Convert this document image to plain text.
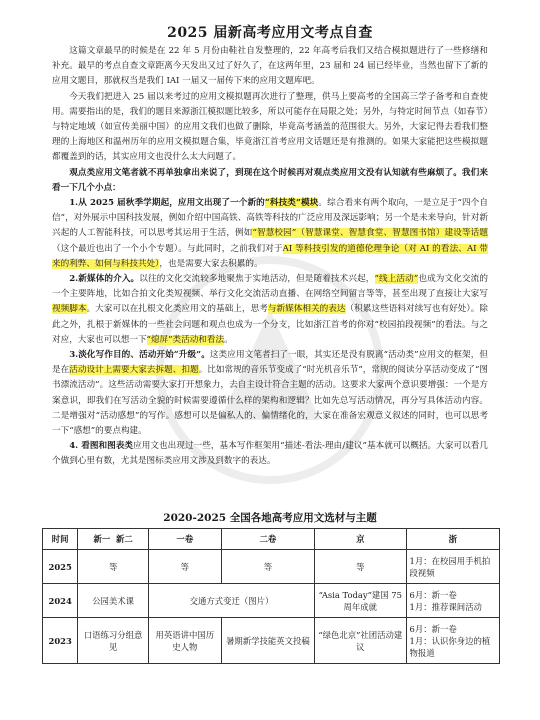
2025 届新高考应用文考点自查

这篇文章最早的时候是在 22 年 5 月份由鞋社自发整理的，22 年高考后我们又结合模拟题进行了一些修缮和补充。最早的考点自查文章距离今天发出又过了好久了，在这两年里，23 届和 24 届已经毕业，当然也留下了新的应用文题目，那就权当是我们 IAI 一届又一届传下来的应用文题库吧。

今天我们把进入 25 届以来考过的应用文模拟题再次进行了整理，供马上要高考的全国高三学子备考和自查使用。需要指出的是，我们的题目来源浙江模拟题比较多，所以可能存在局限之处；另外，与特定时间节点（如春节）与特定地域（如宣传美丽中国）的应用文我们也做了删除，毕竟高考涵盖的范围很大。另外，大家记得去看我们整理的上海地区和温州历年的应用文模拟题合集，毕竟浙江首考应用文话题还是有推测的。如果大家能把这些模拟题都覆盖到的话，其实应用文也没什么太大问题了。

观点类应用文笔者就不再单独拿出来说了，到现在这个时候再对观点类应用文没有认知就有些麻烦了。我们来看一下几个小点：

1.从 2025 届秋季学期起，应用文出现了一个新的“科技类”模块。综合看来有两个取向，一是立足于“四个自信”，对外展示中国科技发展，例如介绍中国高铁、高铁等科技的广泛应用及深远影响；另一个是未来导向，针对新兴起的人工智能科技，可以思考其运用于生活，例如“智慧校园”（智慧课堂、智慧食堂、智慧图书馆）建设等话题（这个最近也出了一个小个专题）。与此同时，之前我们对于AI 等科技引发的道德伦理争论（对 AI 的看法、AI 带来的利弊、如何与科技共处），也是需要大家去积累的。

2.新媒体的介入。以往的文化交流较多地聚焦于实地活动，但是随着技术兴起，“线上活动”也成为文化交流的一个主要阵地，比如合拍文化类短视频、举行文化交流活动直播、在网络空间留言等等，甚至出现了直接让大家写视频脚本。大家可以在扎根文化类应用文的基础上，思考与新媒体相关的表达（积累这些语料对续写也有好处）。除此之外，扎根于新媒体的一些社会问题和观点也成为一个分支，比如浙江首考的你对“校园拍段视频”的看法。与之对应，大家也可以想一下“熄屏”类活动和看法。

3.淡化写作目的、活动开始“升级”。这类应用文笔者扫了一眼，其实还是没有脱离“活动类”应用文的框架，但是在活动设计上需要大家去拆题、扣题。比如常规的音乐节变成了“时光机音乐节”，常规的阅读分享活动变成了“图书漂流活动”。这些活动需要大家打开想象力，去自主设计符合主题的活动。这要求大家两个意识要增强：一个是方案意识，即我们在写活动全貌的时候需要遵循什么样的架构和逻辑？比如先总写活动情况，再分写具体活动内容。二是增强对“活动感想”的写作。感想可以是偏私人的、偏情绪化的，大家在准备宏观意义叙述的同时，也可以思考一下“感想”的要点构建。

4. 看图和图表类应用文也出现过一些，基本写作框架用“描述-看法-理由/建议”基本就可以概括。大家可以看几个做到心里有数，尤其是图标类应用文涉及到数字的表达。

2020-2025 全国各地高考应用文选材与主题
时间	新一 新二	一卷	二卷	京	浙
2025	等	等	等	等	1月：在校园用手机拍段视频
2024	公园美术课	交通方式变迁（图片）		“Asia Today”建国 75 周年成就	6月：新一卷
1月：推荐课间活动
2023	口语练习分组意见	用英语讲中国历史人物	暑期新学技能英文投稿	“绿色北京”社团活动建议	6月：新一卷
1月：认识你身边的植物报道
